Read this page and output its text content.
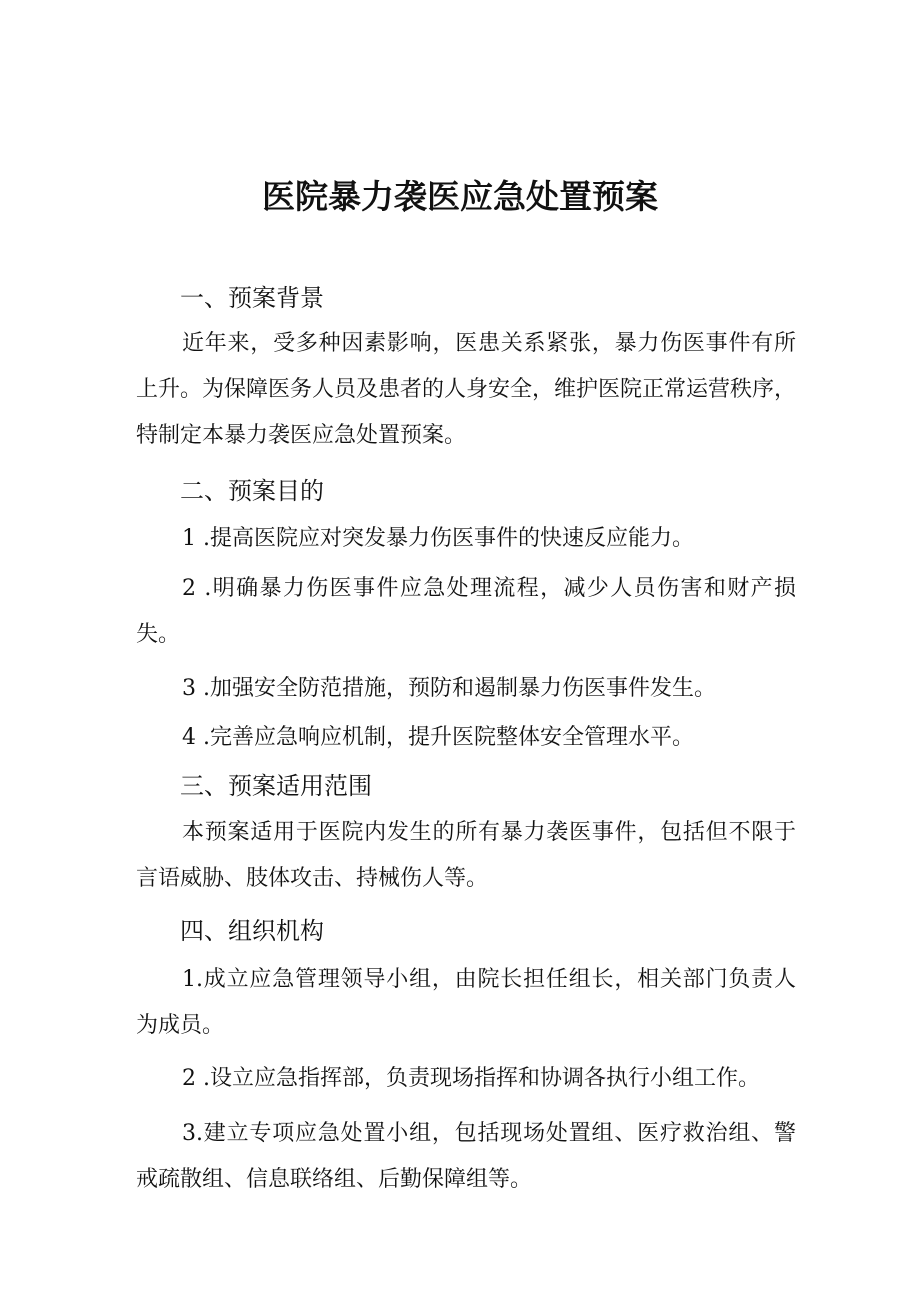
医院暴力袭医应急处置预案
一、预案背景
近年来，受多种因素影响，医患关系紧张，暴力伤医事件有所上升。为保障医务人员及患者的人身安全，维护医院正常运营秩序，特制定本暴力袭医应急处置预案。
二、预案目的
1 .提高医院应对突发暴力伤医事件的快速反应能力。
2 .明确暴力伤医事件应急处理流程，减少人员伤害和财产损失。
3 .加强安全防范措施，预防和遏制暴力伤医事件发生。
4 .完善应急响应机制，提升医院整体安全管理水平。
三、预案适用范围
本预案适用于医院内发生的所有暴力袭医事件，包括但不限于言语威胁、肢体攻击、持械伤人等。
四、组织机构
1.成立应急管理领导小组，由院长担任组长，相关部门负责人为成员。
2 .设立应急指挥部，负责现场指挥和协调各执行小组工作。
3.建立专项应急处置小组，包括现场处置组、医疗救治组、警戒疏散组、信息联络组、后勤保障组等。
